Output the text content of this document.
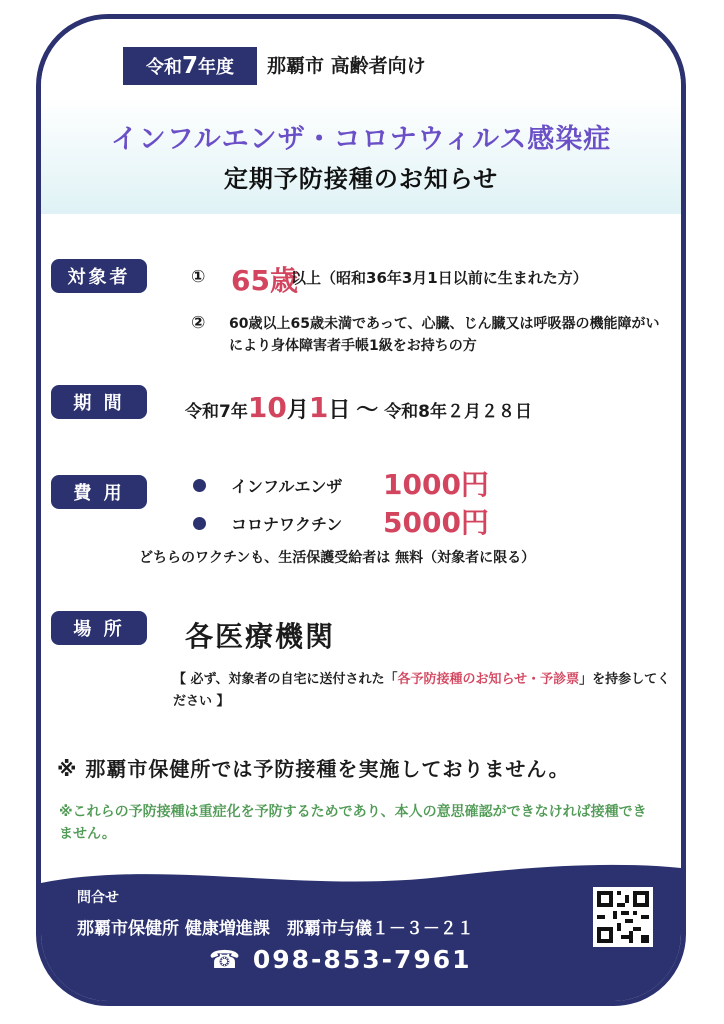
令和 7 年度 那覇市 高齢者向け
インフルエンザ・コロナウィルス感染症
定期予防接種のお知らせ
対象者	① 65歳
以上（昭和36年3月1日以前に生まれた方）
② 60歳以上65歳未満であって、心臓、じん臓又は呼吸器の機能障がいにより身体障害者手帳1級をお持ちの方
期 間	令和7年10月1日 ～ 令和8年２月２８日
費 用	インフルエンザ 1000円
コロナワクチン 5000円
どちらのワクチンも、生活保護受給者は 無料（対象者に限る）
場 所	各医療機関
【 必ず、対象者の自宅に送付された「各予防接種のお知らせ・予診票」を持参してください 】
※ 那覇市保健所では予防接種を実施しておりません。
※これらの予防接種は重症化を予防するためであり、本人の意思確認ができなければ接種できません。
問合せ
那覇市保健所 健康増進課　那覇市与儀１－３－２１
☎ 098-853-7961
